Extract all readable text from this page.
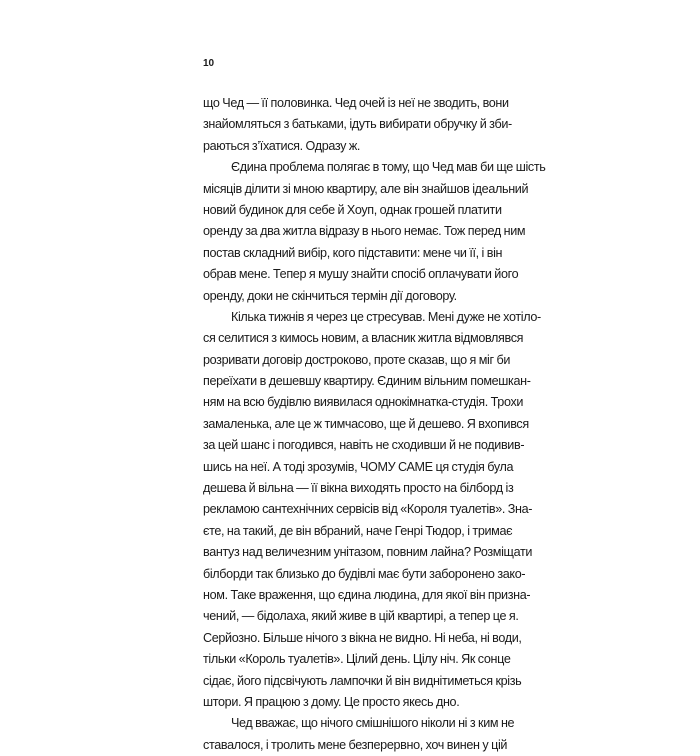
10
що Чед — її половинка. Чед очей із неї не зводить, вони
знайомляться з батьками, ідуть вибирати обручку й зби-
раються з’їхатися. Одразу ж.
Єдина проблема полягає в тому, що Чед мав би ще шість
місяців ділити зі мною квартиру, але він знайшов ідеальний
новий будинок для себе й Хоуп, однак грошей платити
оренду за два житла відразу в нього немає. Тож перед ним
постав складний вибір, кого підставити: мене чи її, і він
обрав мене. Тепер я мушу знайти спосіб оплачувати його
оренду, доки не скінчиться термін дії договору.
Кілька тижнів я через це стресував. Мені дуже не хотіло-
ся селитися з кимось новим, а власник житла відмовлявся
розривати договір достроково, проте сказав, що я міг би
переїхати в дешевшу квартиру. Єдиним вільним помешкан-
ням на всю будівлю виявилася однокімнатка-студія. Трохи
замаленька, але це ж тимчасово, ще й дешево. Я вхопився
за цей шанс і погодився, навіть не сходивши й не подивив-
шись на неї. А тоді зрозумів, ЧОМУ САМЕ ця студія була
дешева й вільна — її вікна виходять просто на білборд із
рекламою сантехнічних сервісів від «Короля туалетів». Зна-
єте, на такий, де він вбраний, наче Генрі Тюдор, і тримає
вантуз над величезним унітазом, повним лайна? Розміщати
білборди так близько до будівлі має бути заборонено зако-
ном. Таке враження, що єдина людина, для якої він призна-
чений, — бідолаха, який живе в цій квартирі, а тепер це я.
Серйозно. Більше нічого з вікна не видно. Ні неба, ні води,
тільки «Король туалетів». Цілий день. Цілу ніч. Як сонце
сідає, його підсвічують лампочки й він виднітиметься крізь
штори. Я працюю з дому. Це просто якесь дно.
Чед вважає, що нічого смішнішого ніколи ні з ким не
ставалося, і тролить мене безперервно, хоч винен у цій
